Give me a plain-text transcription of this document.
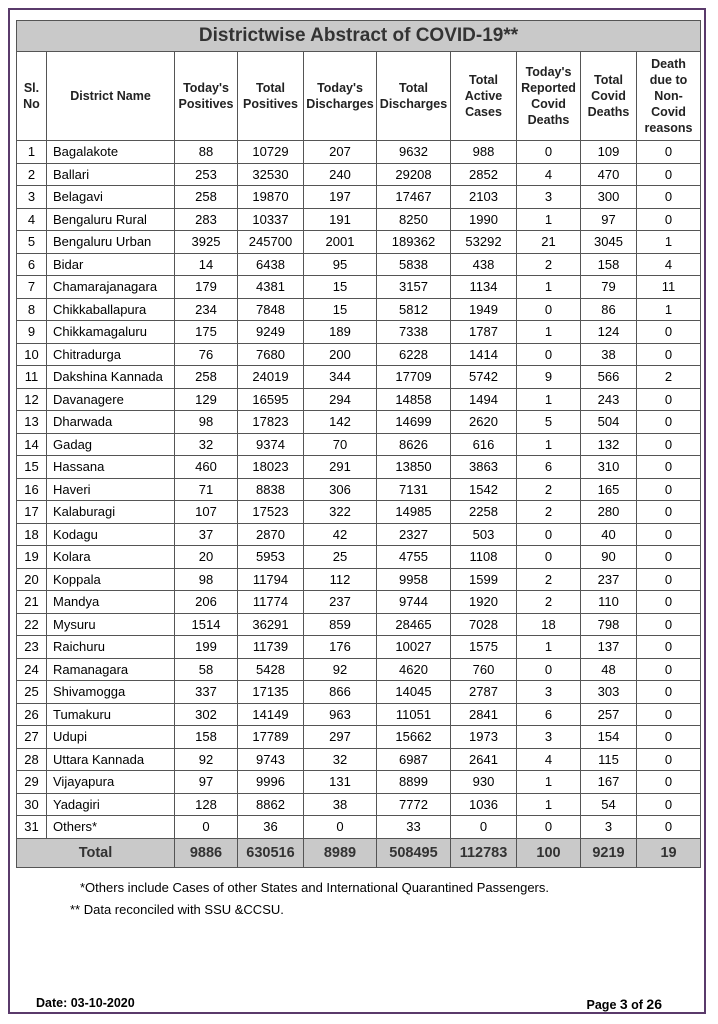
Districtwise Abstract of COVID-19**									
Sl. No	District Name	Today's Positives	Total Positives	Today's Discharges	Total Discharges	Total Active Cases	Today's Reported Covid Deaths	Total Covid Deaths	Death due to Non-Covid reasons
1	Bagalakote	88	10729	207	9632	988	0	109	0
2	Ballari	253	32530	240	29208	2852	4	470	0
3	Belagavi	258	19870	197	17467	2103	3	300	0
4	Bengaluru Rural	283	10337	191	8250	1990	1	97	0
5	Bengaluru Urban	3925	245700	2001	189362	53292	21	3045	1
6	Bidar	14	6438	95	5838	438	2	158	4
7	Chamarajanagara	179	4381	15	3157	1134	1	79	11
8	Chikkaballapura	234	7848	15	5812	1949	0	86	1
9	Chikkamagaluru	175	9249	189	7338	1787	1	124	0
10	Chitradurga	76	7680	200	6228	1414	0	38	0
11	Dakshina Kannada	258	24019	344	17709	5742	9	566	2
12	Davanagere	129	16595	294	14858	1494	1	243	0
13	Dharwada	98	17823	142	14699	2620	5	504	0
14	Gadag	32	9374	70	8626	616	1	132	0
15	Hassana	460	18023	291	13850	3863	6	310	0
16	Haveri	71	8838	306	7131	1542	2	165	0
17	Kalaburagi	107	17523	322	14985	2258	2	280	0
18	Kodagu	37	2870	42	2327	503	0	40	0
19	Kolara	20	5953	25	4755	1108	0	90	0
20	Koppala	98	11794	112	9958	1599	2	237	0
21	Mandya	206	11774	237	9744	1920	2	110	0
22	Mysuru	1514	36291	859	28465	7028	18	798	0
23	Raichuru	199	11739	176	10027	1575	1	137	0
24	Ramanagara	58	5428	92	4620	760	0	48	0
25	Shivamogga	337	17135	866	14045	2787	3	303	0
26	Tumakuru	302	14149	963	11051	2841	6	257	0
27	Udupi	158	17789	297	15662	1973	3	154	0
28	Uttara Kannada	92	9743	32	6987	2641	4	115	0
29	Vijayapura	97	9996	131	8899	930	1	167	0
30	Yadagiri	128	8862	38	7772	1036	1	54	0
31	Others*	0	36	0	33	0	0	3	0
Total		9886	630516	8989	508495	112783	100	9219	19
*Others include Cases of other States and International Quarantined Passengers.
** Data reconciled with SSU &CCSU.
Date: 03-10-2020	Page 3 of 26
